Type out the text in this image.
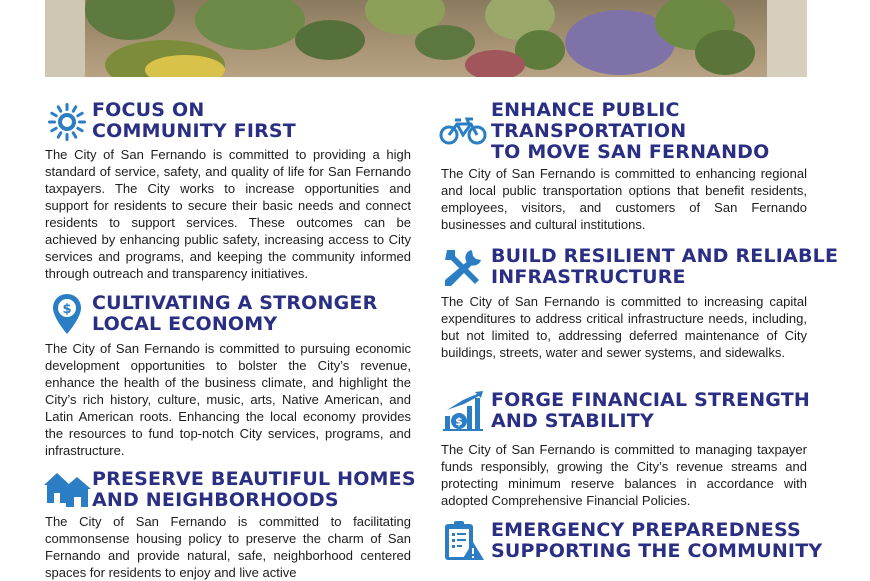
FOCUS ON
COMMUNITY FIRST

The City of San Fernando is committed to providing a high standard of service, safety, and quality of life for San Fernando taxpayers. The City works to increase opportunities and support for residents to secure their basic needs and connect residents to support services. These outcomes can be achieved by enhancing public safety, increasing access to City services and programs, and keeping the community informed through outreach and transparency initiatives.

$ CULTIVATING A STRONGER
LOCAL ECONOMY

The City of San Fernando is committed to pursuing economic development opportunities to bolster the City’s revenue, enhance the health of the business climate, and highlight the City’s rich history, culture, music, arts, Native American, and Latin American roots. Enhancing the local economy provides the resources to fund top-notch City services, programs, and infrastructure.

PRESERVE BEAUTIFUL HOMES
AND NEIGHBORHOODS

The City of San Fernando is committed to facilitating commonsense housing policy to preserve the charm of San Fernando and provide natural, safe, neighborhood centered spaces for residents to enjoy and live active

ENHANCE PUBLIC
TRANSPORTATION
TO MOVE SAN FERNANDO

The City of San Fernando is committed to enhancing regional and local public transportation options that benefit residents, employees, visitors, and customers of San Fernando businesses and cultural institutions.

BUILD RESILIENT AND RELIABLE
INFRASTRUCTURE

The City of San Fernando is committed to increasing capital expenditures to address critical infrastructure needs, including, but not limited to, addressing deferred maintenance of City buildings, streets, water and sewer systems, and sidewalks.

$
FORGE FINANCIAL STRENGTH
AND STABILITY

The City of San Fernando is committed to managing taxpayer funds responsibly, growing the City’s revenue streams and protecting minimum reserve balances in accordance with adopted Comprehensive Financial Policies.

EMERGENCY PREPAREDNESS
SUPPORTING THE COMMUNITY
